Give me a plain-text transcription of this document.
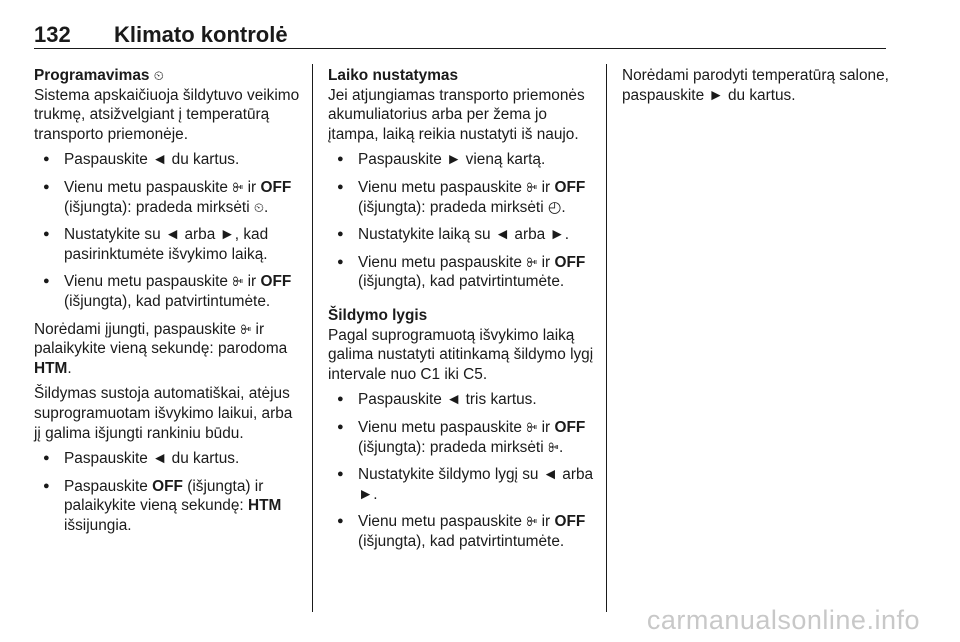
132 Klimato kontrolė
Programavimas ⏲

Sistema apskaičiuoja šildytuvo veikimo trukmę, atsižvelgiant į temperatūrą transporto priemonėje.

● Paspauskite ◄ du kartus.
● Vienu metu paspauskite ꔻ ir OFF (išjungta): pradeda mirksėti ⏲.
● Nustatykite su ◄ arba ►, kad pasirinktumėte išvykimo laiką.
● Vienu metu paspauskite ꔻ ir OFF (išjungta), kad patvirtintumėte.

Norėdami įjungti, paspauskite ꔻ ir palaikykite vieną sekundę: parodoma HTM.

Šildymas sustoja automatiškai, atėjus suprogramuotam išvykimo laikui, arba jį galima išjungti rankiniu būdu.

● Paspauskite ◄ du kartus.
● Paspauskite OFF (išjungta) ir palaikykite vieną sekundę: HTM išsijungia.
Laiko nustatymas

Jei atjungiamas transporto priemonės akumuliatorius arba per žema jo įtampa, laiką reikia nustatyti iš naujo.

● Paspauskite ► vieną kartą.
● Vienu metu paspauskite ꔻ ir OFF (išjungta): pradeda mirksėti ◴.
● Nustatykite laiką su ◄ arba ►.
● Vienu metu paspauskite ꔻ ir OFF (išjungta), kad patvirtintumėte.
Šildymo lygis

Pagal suprogramuotą išvykimo laiką galima nustatyti atitinkamą šildymo lygį intervale nuo C1 iki C5.

● Paspauskite ◄ tris kartus.
● Vienu metu paspauskite ꔻ ir OFF (išjungta): pradeda mirksėti ꔻ.
● Nustatykite šildymo lygį su ◄ arba ►.
● Vienu metu paspauskite ꔻ ir OFF (išjungta), kad patvirtintumėte.

Norėdami parodyti temperatūrą salone, paspauskite ► du kartus.

carmanualsonline.info
